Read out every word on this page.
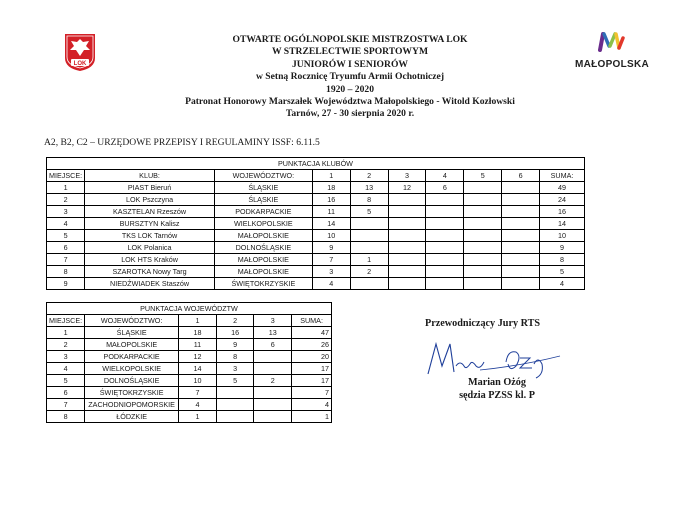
LOK	MAŁOPOLSKA
OTWARTE OGÓLNOPOLSKIE MISTRZOSTWA LOK
W STRZELECTWIE SPORTOWYM
JUNIORÓW I SENIORÓW
w Setną Rocznicę Tryumfu Armii Ochotniczej
1920 – 2020
Patronat Honorowy Marszałek Województwa Małopolskiego - Witold Kozłowski
Tarnów, 27 - 30 sierpnia 2020 r.
A2, B2, C2 – URZĘDOWE PRZEPISY I REGULAMINY ISSF: 6.11.5
PUNKTACJA KLUBÓW									
MIEJSCE:	KLUB:	WOJEWÓDZTWO:	1	2	3	4	5	6	SUMA:
1	PIAST Bieruń	ŚLĄSKIE	18	13	12	6			49
2	LOK Pszczyna	ŚLĄSKIE	16	8					24
3	KASZTELAN Rzeszów	PODKARPACKIE	11	5					16
4	BURSZTYN Kalisz	WIELKOPOLSKIE	14						14
5	TKS LOK Tarnów	MAŁOPOLSKIE	10						10
6	LOK Polanica	DOLNOŚLĄSKIE	9						9
7	LOK HTS Kraków	MAŁOPOLSKIE	7	1					8
8	SZAROTKA Nowy Targ	MAŁOPOLSKIE	3	2					5
9	NIEDŹWIADEK Staszów	ŚWIĘTOKRZYSKIE	4						4
PUNKTACJA WOJEWÓDZTW					
MIEJSCE:	WOJEWÓDZTWO:	1	2	3	SUMA:
1	ŚLĄSKIE	18	16	13	47
2	MAŁOPOLSKIE	11	9	6	26
3	PODKARPACKIE	12	8		20
4	WIELKOPOLSKIE	14	3		17
5	DOLNOŚLĄSKIE	10	5	2	17
6	ŚWIĘTOKRZYSKIE	7			7
7	ZACHODNIOPOMORSKIE	4			4
8	ŁÓDZKIE	1			1
Przewodniczący Jury RTS
Marian Ożóg
sędzia PZSS kl. P
